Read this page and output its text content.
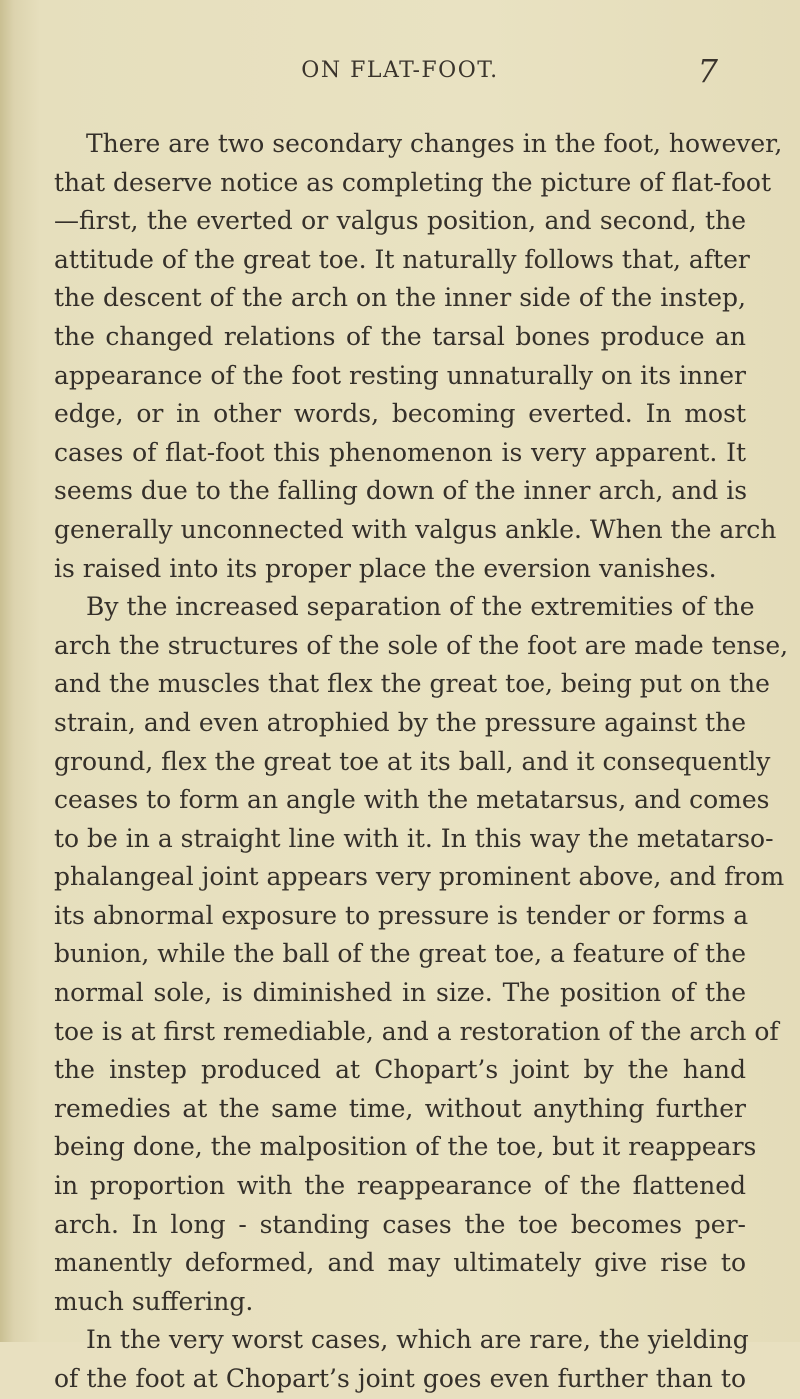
ON FLAT-FOOT.	7
There are two secondary changes in the foot, however,
that deserve notice as completing the picture of flat-foot
—first, the everted or valgus position, and second, the
attitude of the great toe. It naturally follows that, after
the descent of the arch on the inner side of the instep,
the changed relations of the tarsal bones produce an
appearance of the foot resting unnaturally on its inner
edge, or in other words, becoming everted. In most
cases of flat-foot this phenomenon is very apparent. It
seems due to the falling down of the inner arch, and is
generally unconnected with valgus ankle. When the arch
is raised into its proper place the eversion vanishes.
By the increased separation of the extremities of the
arch the structures of the sole of the foot are made tense,
and the muscles that flex the great toe, being put on the
strain, and even atrophied by the pressure against the
ground, flex the great toe at its ball, and it consequently
ceases to form an angle with the metatarsus, and comes
to be in a straight line with it. In this way the metatarso-
phalangeal joint appears very prominent above, and from
its abnormal exposure to pressure is tender or forms a
bunion, while the ball of the great toe, a feature of the
normal sole, is diminished in size. The position of the
toe is at first remediable, and a restoration of the arch of
the instep produced at Chopart’s joint by the hand
remedies at the same time, without anything further
being done, the malposition of the toe, but it reappears
in proportion with the reappearance of the flattened
arch. In long - standing cases the toe becomes per-
manently deformed, and may ultimately give rise to
much suffering.
In the very worst cases, which are rare, the yielding
of the foot at Chopart’s joint goes even further than to
